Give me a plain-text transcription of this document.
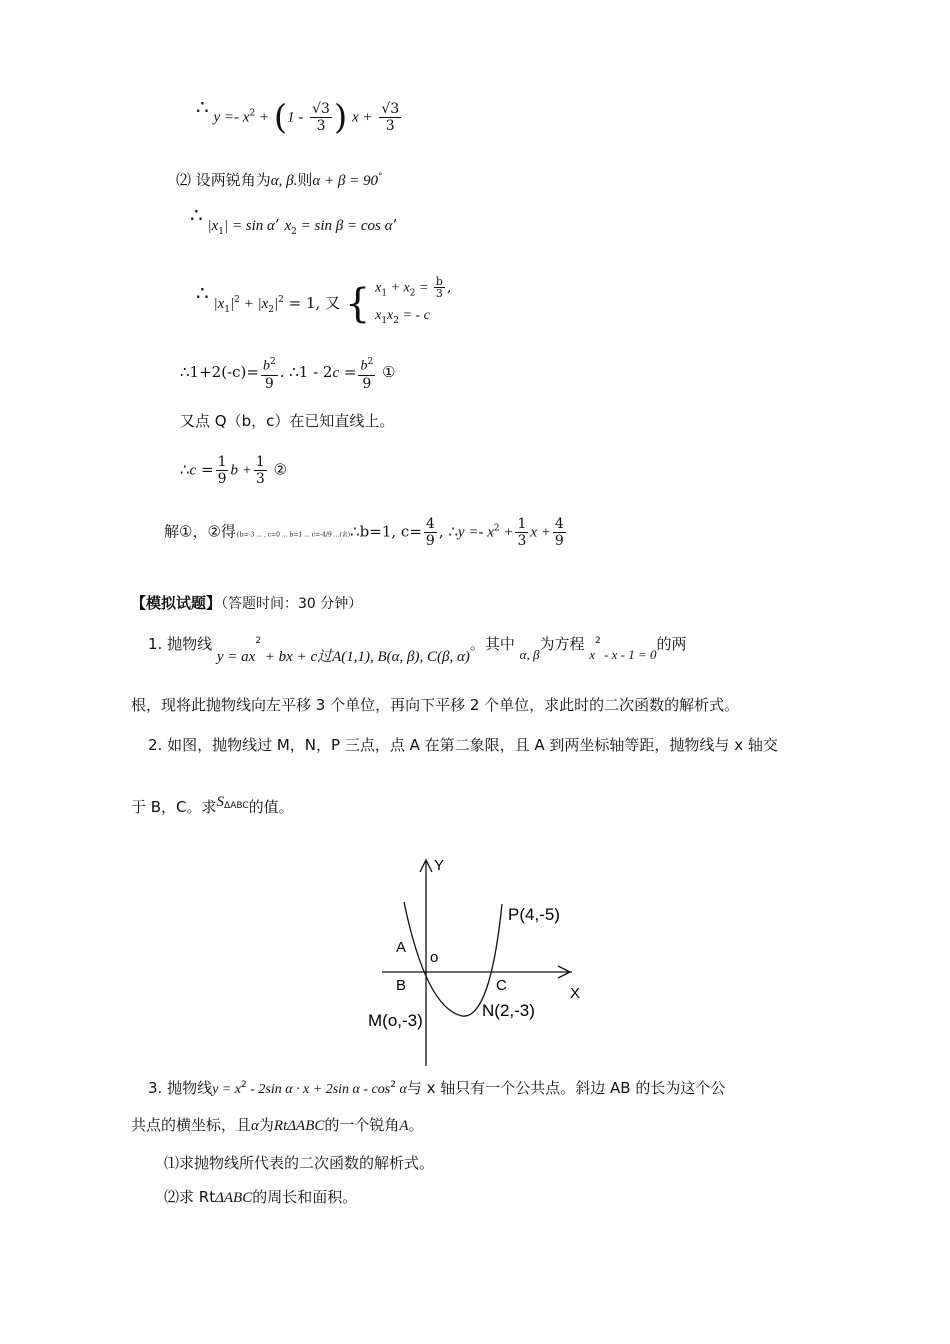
∴ $y =- x^2 + (1 - \frac{√3}{3}$ ) $x + \frac{√3}{3}$
⑵ 设两锐角为α, β.则α + β = 90°
∴ $|x_1| = \sin \alpha$’ $x_2 = \sin \beta = \cos \alpha$’
∴ $|x_1|^2 + |x_2|^2 = 1$, 又 { $x_1 + x_2 = \frac{b}{3}$ ,
$x_1x_2$ = - c
∴1+2(-c)= $\frac{b^2}{9}$ . ∴1 - $2c = \frac{b^2}{9}$ ①
又点 Q（b，c）在已知直线上。
∴c = $\frac{1}{9}$ $b + \frac{1}{3}$ ②
解①，②得{b=-3 ... , c=0 ... b=1 ... c=-4/9 ...(舍)∴b=1, $c= \frac{4}{9}$ , ∴y =- $x^2 + \frac{1}{3}$ $x + \frac{4}{9}$
【模拟试题】（答题时间：30 分钟）
1. 抛物线 $y = ax^2$ + bx + c过A(1,1), B(α, β), C(β, α)。其中 α, β为方程 $x^2 - x - 1 = 0$的两
根，现将此抛物线向左平移 3 个单位，再向下平移 2 个单位，求此时的二次函数的解析式。
2. 如图，抛物线过 M，N，P 三点，点 A 在第二象限，且 A 到两坐标轴等距，抛物线与 x 轴交
于 B，C。求$S_{\Delta ABC}$的值。
Y
X
o
A
B	C
P(4,-5)
N(2,-3)
M(o,-3)
3. 抛物线$y = x^2 - 2\sin$ α · x + 2sin α - $\cos^2 \alpha$与 x 轴只有一个公共点。斜边 AB 的长为这个公
共点的横坐标，且α为RtΔABC的一个锐角A。
⑴求抛物线所代表的二次函数的解析式。
⑵求 RtΔABC的周长和面积。
